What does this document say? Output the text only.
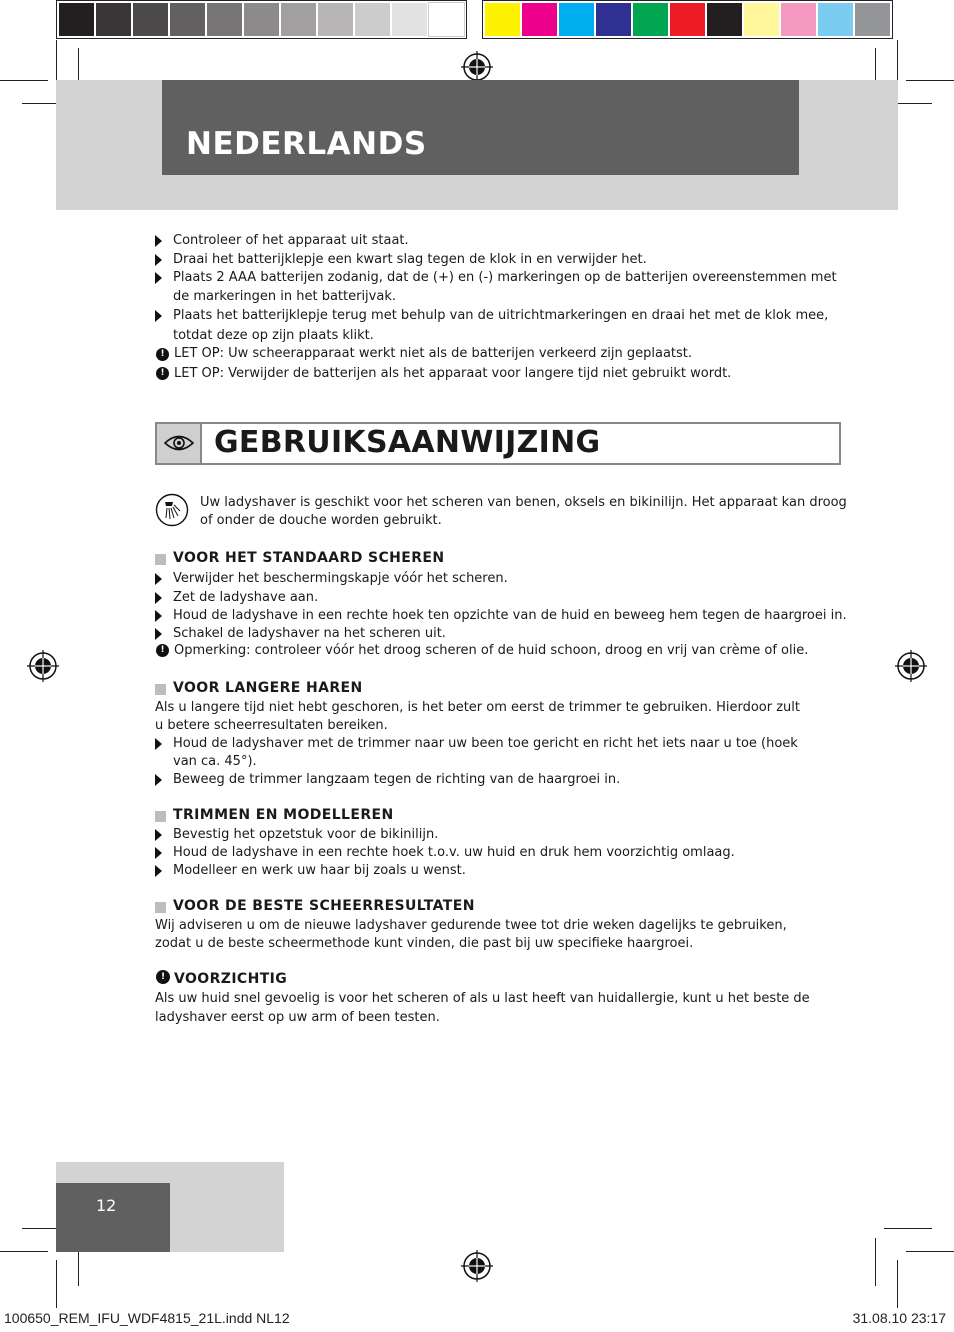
NEDERLANDS
Controleer of het apparaat uit staat.
Draai het batterijklepje een kwart slag tegen de klok in en verwijder het.
Plaats 2 AAA batterijen zodanig, dat de (+) en (-) markeringen op de batterijen overeenstemmen met
de markeringen in het batterijvak.
Plaats het batterijklepje terug met behulp van de uitrichtmarkeringen en draai het met de klok mee,
totdat deze op zijn plaats klikt.
! LET OP: Uw scheerapparaat werkt niet als de batterijen verkeerd zijn geplaatst.
! LET OP: Verwijder de batterijen als het apparaat voor langere tijd niet gebruikt wordt.
GEBRUIKSAANWIJZING
Uw ladyshaver is geschikt voor het scheren van benen, oksels en bikinilijn. Het apparaat kan droog
of onder de douche worden gebruikt.
VOOR HET STANDAARD SCHEREN
Verwijder het beschermingskapje vóór het scheren.
Zet de ladyshave aan.
Houd de ladyshave in een rechte hoek ten opzichte van de huid en beweeg hem tegen de haargroei in.
Schakel de ladyshaver na het scheren uit.
! Opmerking: controleer vóór het droog scheren of de huid schoon, droog en vrij van crème of olie.
VOOR LANGERE HAREN
Als u langere tijd niet hebt geschoren, is het beter om eerst de trimmer te gebruiken. Hierdoor zult
u betere scheerresultaten bereiken.
Houd de ladyshaver met de trimmer naar uw been toe gericht en richt het iets naar u toe (hoek
van ca. 45°).
Beweeg de trimmer langzaam tegen de richting van de haargroei in.
TRIMMEN EN MODELLEREN
Bevestig het opzetstuk voor de bikinilijn.
Houd de ladyshave in een rechte hoek t.o.v. uw huid en druk hem voorzichtig omlaag.
Modelleer en werk uw haar bij zoals u wenst.
VOOR DE BESTE SCHEERRESULTATEN
Wij adviseren u om de nieuwe ladyshaver gedurende twee tot drie weken dagelijks te gebruiken,
zodat u de beste scheermethode kunt vinden, die past bij uw specifieke haargroei.
! VOORZICHTIG
Als uw huid snel gevoelig is voor het scheren of als u last heeft van huidallergie, kunt u het beste de
ladyshaver eerst op uw arm of been testen.
12
100650_REM_IFU_WDF4815_21L.indd NL12	31.08.10 23:17
